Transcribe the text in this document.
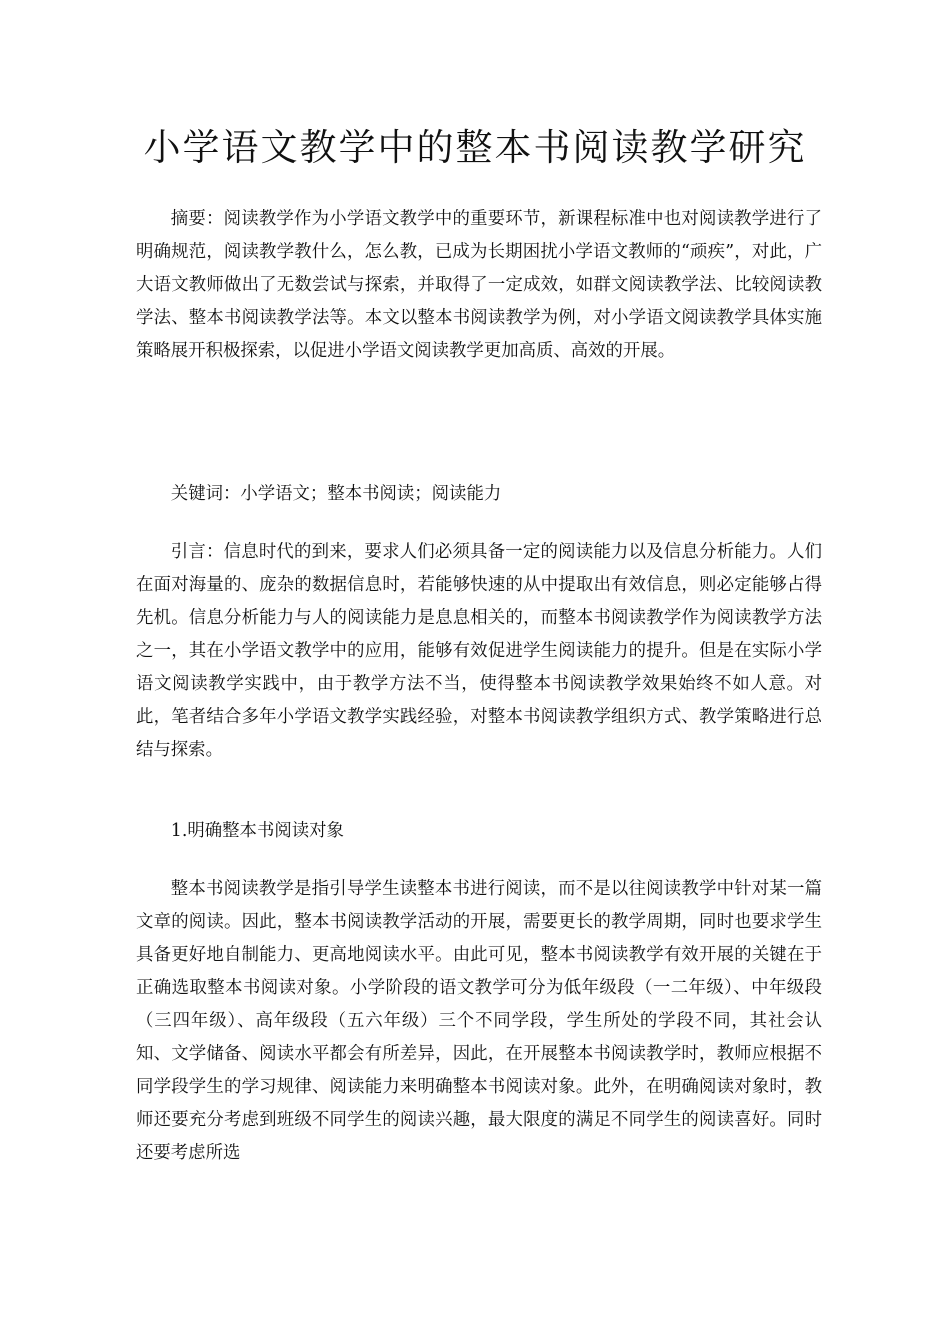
小学语文教学中的整本书阅读教学研究

摘要：阅读教学作为小学语文教学中的重要环节，新课程标准中也对阅读教学进行了明确规范，阅读教学教什么，怎么教，已成为长期困扰小学语文教师的“顽疾”，对此，广大语文教师做出了无数尝试与探索，并取得了一定成效，如群文阅读教学法、比较阅读教学法、整本书阅读教学法等。本文以整本书阅读教学为例，对小学语文阅读教学具体实施策略展开积极探索，以促进小学语文阅读教学更加高质、高效的开展。

关键词：小学语文；整本书阅读；阅读能力

引言：信息时代的到来，要求人们必须具备一定的阅读能力以及信息分析能力。人们在面对海量的、庞杂的数据信息时，若能够快速的从中提取出有效信息，则必定能够占得先机。信息分析能力与人的阅读能力是息息相关的，而整本书阅读教学作为阅读教学方法之一，其在小学语文教学中的应用，能够有效促进学生阅读能力的提升。但是在实际小学语文阅读教学实践中，由于教学方法不当，使得整本书阅读教学效果始终不如人意。对此，笔者结合多年小学语文教学实践经验，对整本书阅读教学组织方式、教学策略进行总结与探索。

1.明确整本书阅读对象

整本书阅读教学是指引导学生读整本书进行阅读，而不是以往阅读教学中针对某一篇文章的阅读。因此，整本书阅读教学活动的开展，需要更长的教学周期，同时也要求学生具备更好地自制能力、更高地阅读水平。由此可见，整本书阅读教学有效开展的关键在于正确选取整本书阅读对象。小学阶段的语文教学可分为低年级段（一二年级）、中年级段（三四年级）、高年级段（五六年级）三个不同学段，学生所处的学段不同，其社会认知、文学储备、阅读水平都会有所差异，因此，在开展整本书阅读教学时，教师应根据不同学段学生的学习规律、阅读能力来明确整本书阅读对象。此外，在明确阅读对象时，教师还要充分考虑到班级不同学生的阅读兴趣，最大限度的满足不同学生的阅读喜好。同时还要考虑所选
